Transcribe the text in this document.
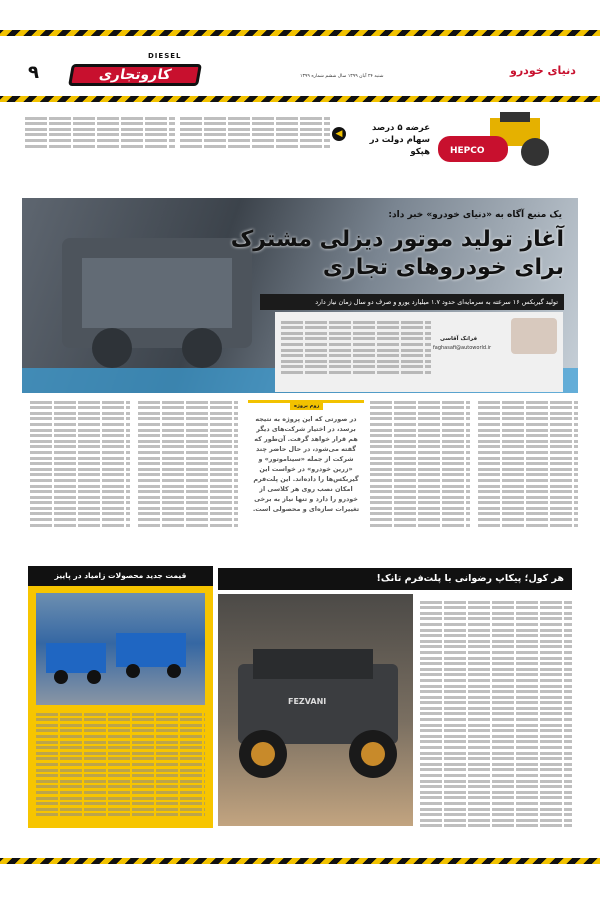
۹
DIESEL
کاروتجاری	شنبه ۲۴ آبان ۱۳۹۹ سال ششم شماره ۱۳۹۹	دنیای خودرو
HEPCO
عرضه ۵ درصد سهام دولت در هپکو
◀
یک منبع آگاه به «دنیای خودرو» خبر داد:
آغاز تولید موتور دیزلی مشترک برای خودروهای تجاری
تولید گیربکس ۱۶ سرعته به سرمایه‌ای حدود ۱.۷ میلیارد یورو و صرف دو سال زمان نیاز دارد
فرانک آقاسی
faghasafi@autoworld.ir
زوم پروژه
در صورتی که این پروژه به نتیجه برسد، در اختیار شرکت‌های دیگر هم قرار خواهد گرفت. آن‌طور که گفته می‌شود، در حال حاضر چند شرکت از جمله «سیناموتور» و «زرین خودرو» در خواست این گیربکس‌ها را داده‌اند. این پلت‌فرم امکان نصب روی هر کلاسی از خودرو را دارد و تنها نیاز به برخی تغییرات سازه‌ای و محصولی است.
قیمت جدید محصولات زامیاد در پاییز	هر کول؛ پیکاپ رضوانی با پلت‌فرم تانک!
FEZVANI
